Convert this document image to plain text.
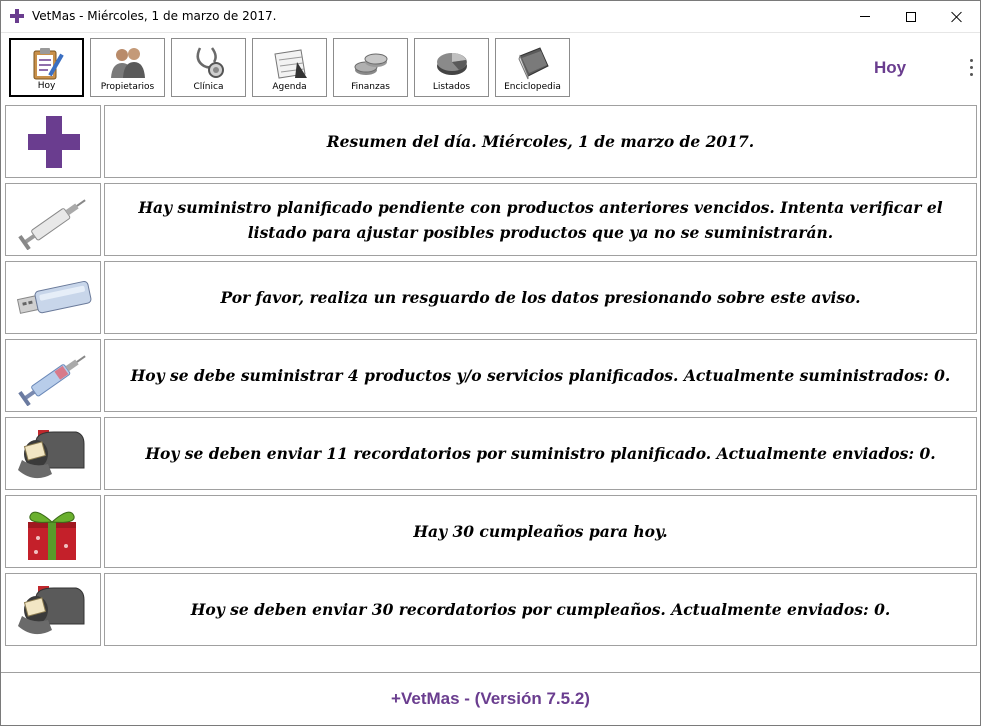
VetMas - Miércoles, 1 de marzo de 2017.
Hoy	Propietarios	Clínica	Agenda	Finanzas	Listados	Enciclopedia
Hoy
Resumen del día. Miércoles, 1 de marzo de 2017.
Hay suministro planificado pendiente con productos anteriores vencidos. Intenta verificar el listado para ajustar posibles productos que ya no se suministrarán.
Por favor, realiza un resguardo de los datos presionando sobre este aviso.
Hoy se debe suministrar 4 productos y/o servicios planificados. Actualmente suministrados: 0.
Hoy se deben enviar 11 recordatorios por suministro planificado. Actualmente enviados: 0.
Hay 30 cumpleaños para hoy.
Hoy se deben enviar 30 recordatorios por cumpleaños. Actualmente enviados: 0.
+VetMas - (Versión 7.5.2)
